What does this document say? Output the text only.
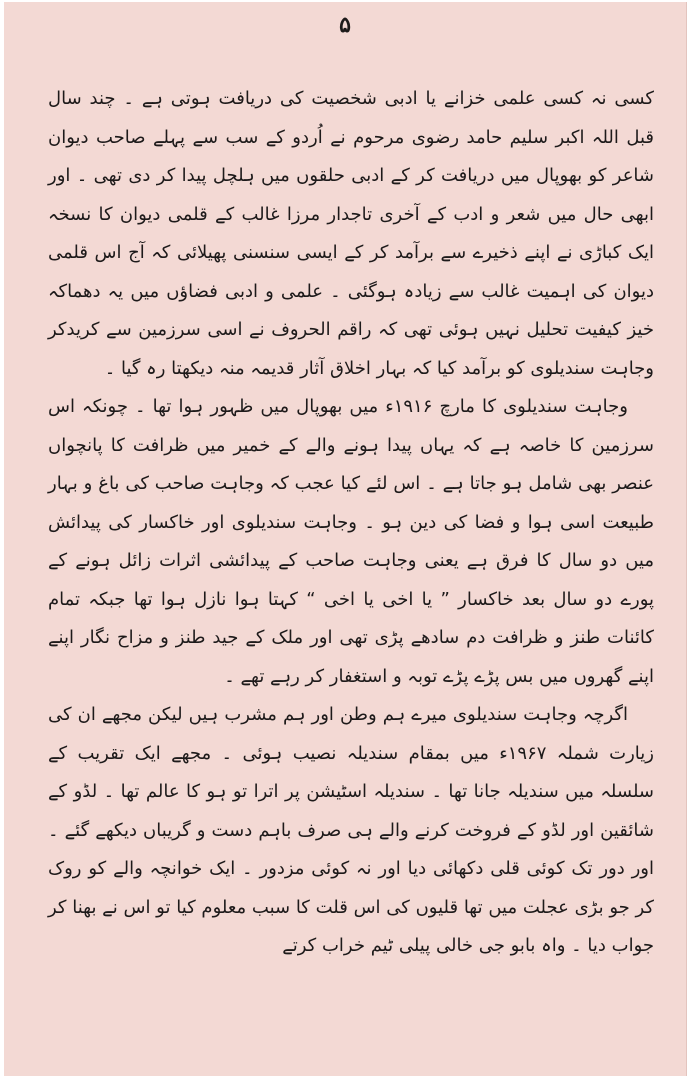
۵

کسی نہ کسی علمی خزانے یا ادبی شخصیت کی دریافت ہوتی ہے ۔ چند سال قبل اللہ اکبر سلیم حامد رضوی مرحوم نے اُردو کے سب سے پہلے صاحب دیوان شاعر کو بھوپال میں دریافت کر کے ادبی حلقوں میں ہلچل پیدا کر دی تھی ۔ اور ابھی حال میں شعر و ادب کے آخری تاجدار مرزا غالب کے قلمی دیوان کا نسخہ ایک کباڑی نے اپنے ذخیرے سے برآمد کر کے ایسی سنسنی پھیلائی کہ آج اس قلمی دیوان کی اہمیت غالب سے زیادہ ہوگئی ۔ علمی و ادبی فضاؤں میں یہ دھماکہ خیز کیفیت تحلیل نہیں ہوئی تھی کہ راقم الحروف نے اسی سرزمین سے کریدکر وجاہت سندیلوی کو برآمد کیا کہ بہار اخلاق آثار قدیمہ منہ دیکھتا رہ گیا ۔

وجاہت سندیلوی کا مارچ ۱۹۱۶ء میں بھوپال میں ظہور ہوا تھا ۔ چونکہ اس سرزمین کا خاصہ ہے کہ یہاں پیدا ہونے والے کے خمیر میں ظرافت کا پانچواں عنصر بھی شامل ہو جاتا ہے ۔ اس لئے کیا عجب کہ وجاہت صاحب کی باغ و بہار طبیعت اسی ہوا و فضا کی دین ہو ۔ وجاہت سندیلوی اور خاکسار کی پیدائش میں دو سال کا فرق ہے یعنی وجاہت صاحب کے پیدائشی اثرات زائل ہونے کے پورے دو سال بعد خاکسار ” یا اخی یا اخی “ کہتا ہوا نازل ہوا تھا جبکہ تمام کائنات طنز و ظرافت دم سادھے پڑی تھی اور ملک کے جید طنز و مزاح نگار اپنے اپنے گھروں میں بس پڑے پڑے توبہ و استغفار کر رہے تھے ۔

اگرچہ وجاہت سندیلوی میرے ہم وطن اور ہم مشرب ہیں لیکن مجھے ان کی زیارت شملہ ۱۹۶۷ء میں بمقام سندیلہ نصیب ہوئی ۔ مجھے ایک تقریب کے سلسلہ میں سندیلہ جانا تھا ۔ سندیلہ اسٹیشن پر اترا تو ہو کا عالم تھا ۔ لڈو کے شائقین اور لڈو کے فروخت کرنے والے ہی صرف باہم دست و گریباں دیکھے گئے ۔ اور دور تک کوئی قلی دکھائی دیا اور نہ کوئی مزدور ۔ ایک خوانچہ والے کو روک کر جو بڑی عجلت میں تھا قلیوں کی اس قلت کا سبب معلوم کیا تو اس نے بھنا کر جواب دیا ۔ واہ بابو جی خالی پیلی ٹیم خراب کرتے
